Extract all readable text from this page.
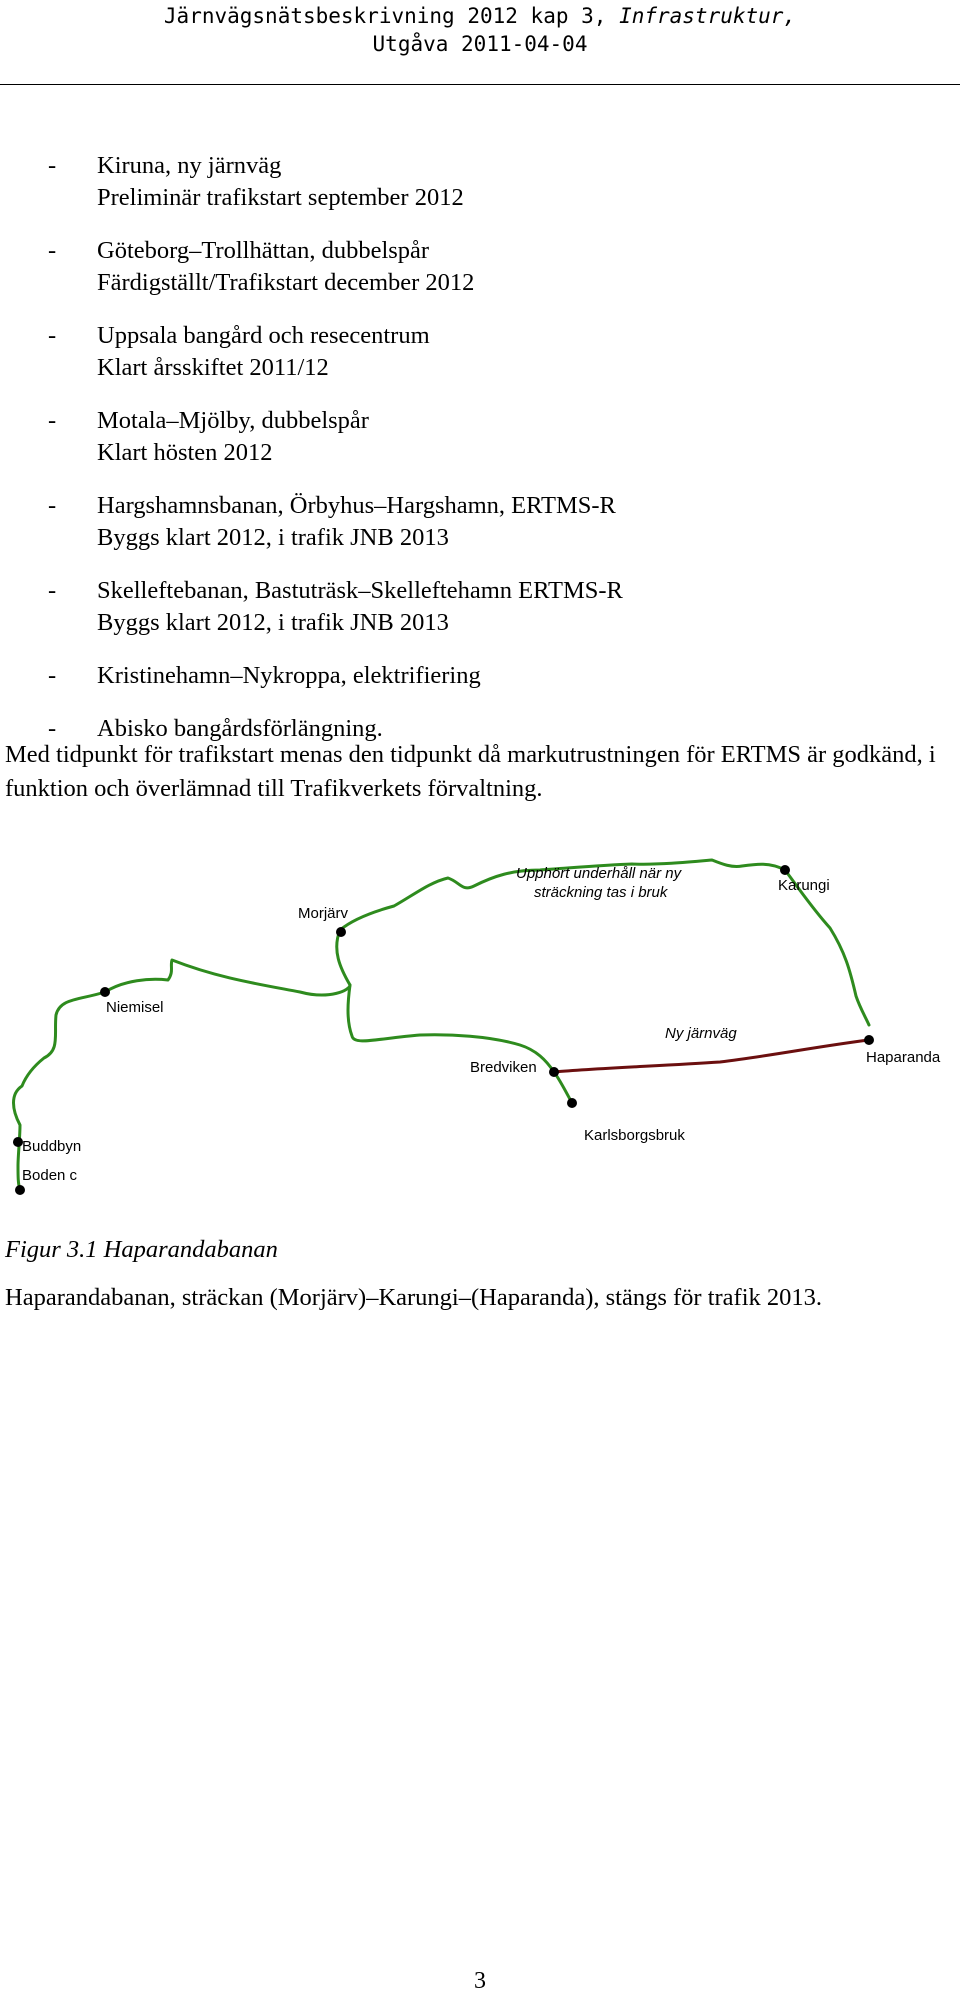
Järnvägsnätsbeskrivning 2012 kap 3, Infrastruktur,
Utgåva 2011-04-04
- Kiruna, ny järnväg
Preliminär trafikstart september 2012
- Göteborg–Trollhättan, dubbelspår
Färdigställt/Trafikstart december 2012
- Uppsala bangård och resecentrum
Klart årsskiftet 2011/12
- Motala–Mjölby, dubbelspår
Klart hösten 2012
- Hargshamnsbanan, Örbyhus–Hargshamn, ERTMS-R
Byggs klart 2012, i trafik JNB 2013
- Skelleftebanan, Bastuträsk–Skelleftehamn ERTMS-R
Byggs klart 2012, i trafik JNB 2013
- Kristinehamn–Nykroppa, elektrifiering
- Abisko bangårdsförlängning.
Med tidpunkt för trafikstart menas den tidpunkt då markutrustningen för ERTMS är godkänd, i funktion och överlämnad till Trafikverkets förvaltning.
Morjärv
Karungi
Niemisel
Bredviken
Haparanda
Buddbyn
Boden c
Karlsborgsbruk
Upphört underhåll när ny
sträckning tas i bruk
Ny järnväg
Figur 3.1 Haparandabanan
Haparandabanan, sträckan (Morjärv)–Karungi–(Haparanda), stängs för trafik 2013.
3
